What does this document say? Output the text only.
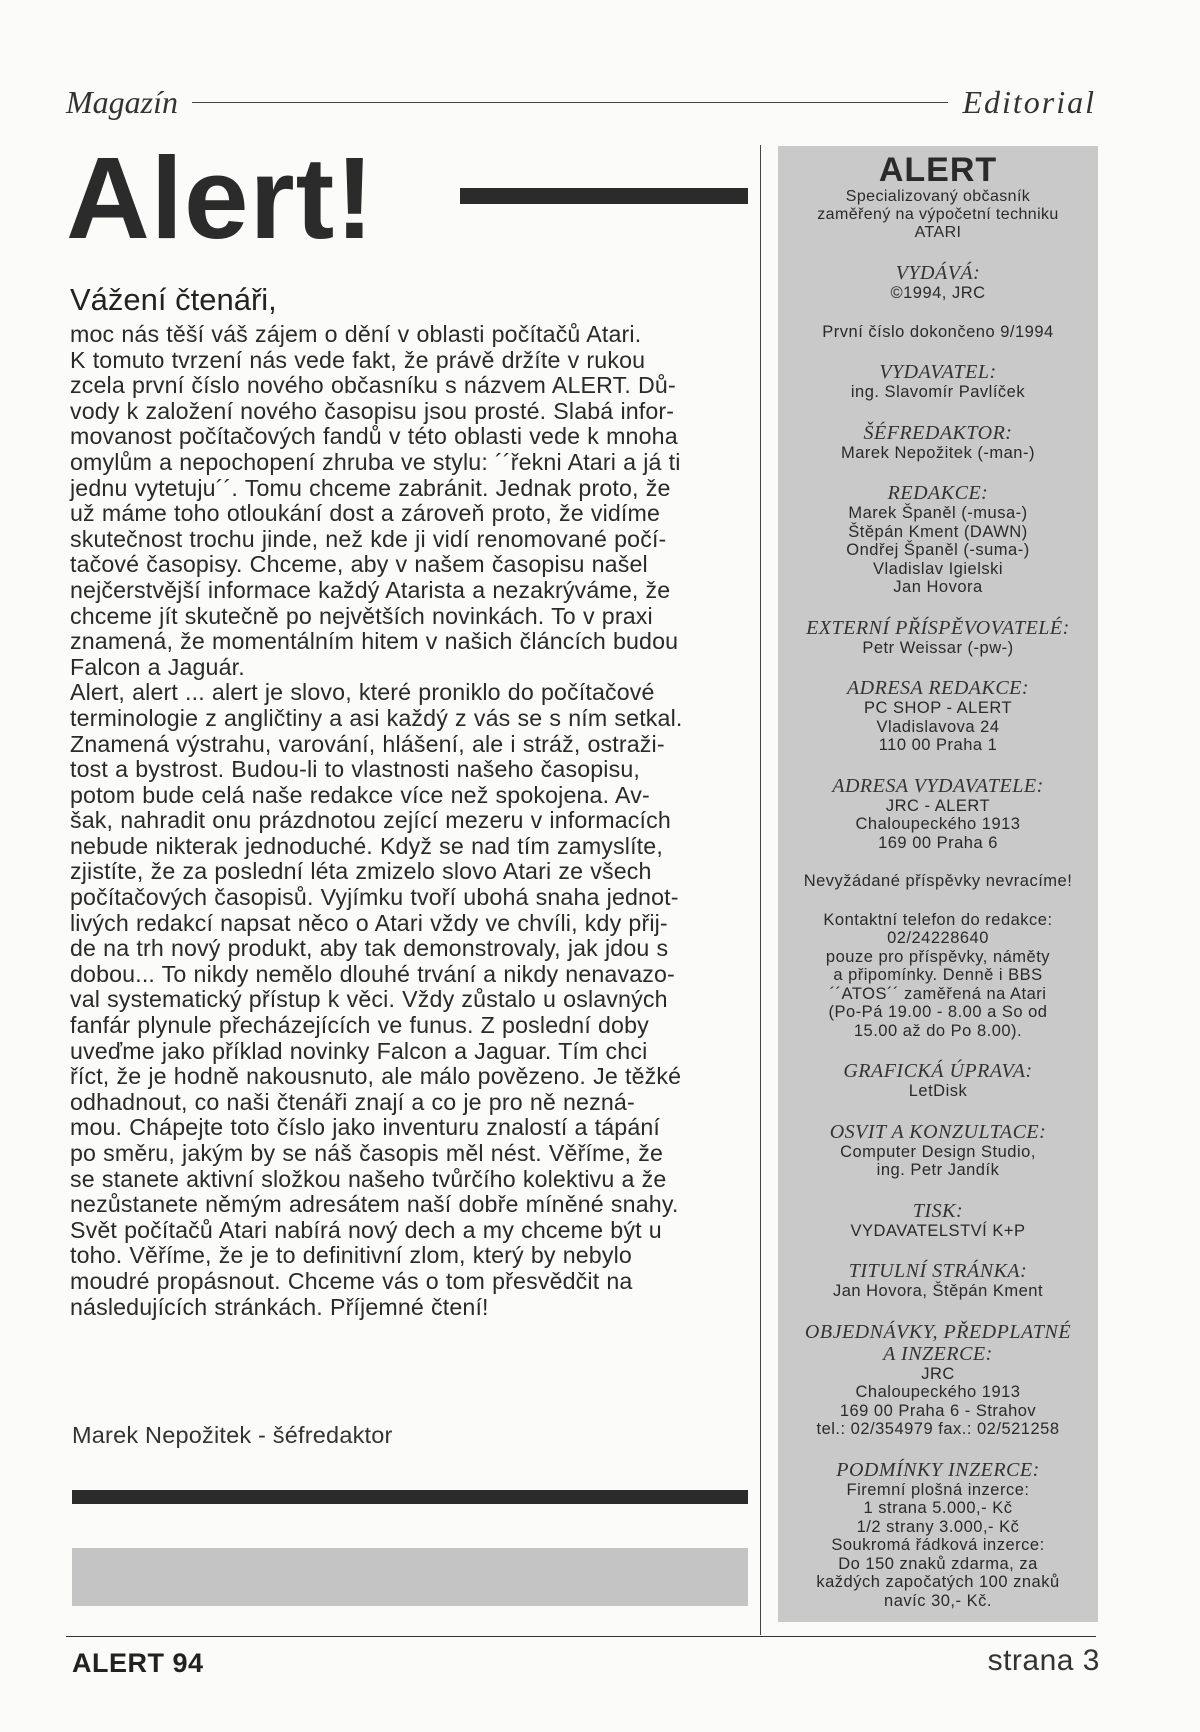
Magazín	Editorial
Alert!

Vážení čtenáři,

moc nás těší váš zájem o dění v oblasti počítačů Atari.
K tomuto tvrzení nás vede fakt, že právě držíte v rukou
zcela první číslo nového občasníku s názvem ALERT. Dů-
vody k založení nového časopisu jsou prosté. Slabá infor-
movanost počítačových fandů v této oblasti vede k mnoha
omylům a nepochopení zhruba ve stylu: ´´řekni Atari a já ti
jednu vytetuju´´. Tomu chceme zabránit. Jednak proto, že
už máme toho otloukání dost a zároveň proto, že vidíme
skutečnost trochu jinde, než kde ji vidí renomované počí-
tačové časopisy. Chceme, aby v našem časopisu našel
nejčerstvější informace každý Atarista a nezakrýváme, že
chceme jít skutečně po největších novinkách. To v praxi
znamená, že momentálním hitem v našich článcích budou
Falcon a Jaguár.
Alert, alert ... alert je slovo, které proniklo do počítačové
terminologie z angličtiny a asi každý z vás se s ním setkal.
Znamená výstrahu, varování, hlášení, ale i stráž, ostraži-
tost a bystrost. Budou-li to vlastnosti našeho časopisu,
potom bude celá naše redakce více než spokojena. Av-
šak, nahradit onu prázdnotou zející mezeru v informacích
nebude nikterak jednoduché. Když se nad tím zamyslíte,
zjistíte, že za poslední léta zmizelo slovo Atari ze všech
počítačových časopisů. Vyjímku tvoří ubohá snaha jednot-
livých redakcí napsat něco o Atari vždy ve chvíli, kdy přij-
de na trh nový produkt, aby tak demonstrovaly, jak jdou s
dobou... To nikdy nemělo dlouhé trvání a nikdy nenavazo-
val systematický přístup k věci. Vždy zůstalo u oslavných
fanfár plynule přecházejících ve funus. Z poslední doby
uveďme jako příklad novinky Falcon a Jaguar. Tím chci
říct, že je hodně nakousnuto, ale málo povězeno. Je těžké
odhadnout, co naši čtenáři znají a co je pro ně nezná-
mou. Chápejte toto číslo jako inventuru znalostí a tápání
po směru, jakým by se náš časopis měl nést. Věříme, že
se stanete aktivní složkou našeho tvůrčího kolektivu a že
nezůstanete němým adresátem naší dobře míněné snahy.
Svět počítačů Atari nabírá nový dech a my chceme být u
toho. Věříme, že je to definitivní zlom, který by nebylo
moudré propásnout. Chceme vás o tom přesvědčit na
následujících stránkách. Příjemné čtení!

Marek Nepožitek - šéfredaktor
ALERT
Specializovaný občasník
zaměřený na výpočetní techniku
ATARI
VYDÁVÁ:
©1994, JRC
První číslo dokončeno 9/1994
VYDAVATEL:
ing. Slavomír Pavlíček
ŠÉFREDAKTOR:
Marek Nepožitek (-man-)
REDAKCE:
Marek Španěl (-musa-)
Štěpán Kment (DAWN)
Ondřej Španěl (-suma-)
Vladislav Igielski
Jan Hovora
EXTERNÍ PŘÍSPĚVOVATELÉ:
Petr Weissar (-pw-)
ADRESA REDAKCE:
PC SHOP - ALERT
Vladislavova 24
110 00 Praha 1
ADRESA VYDAVATELE:
JRC - ALERT
Chaloupeckého 1913
169 00 Praha 6
Nevyžádané příspěvky nevracíme!
Kontaktní telefon do redakce:
02/24228640
pouze pro příspěvky, náměty
a připomínky. Denně i BBS
´´ATOS´´ zaměřená na Atari
(Po-Pá 19.00 - 8.00 a So od
15.00 až do Po 8.00).
GRAFICKÁ ÚPRAVA:
LetDisk
OSVIT A KONZULTACE:
Computer Design Studio,
ing. Petr Jandík
TISK:
VYDAVATELSTVÍ K+P
TITULNÍ STRÁNKA:
Jan Hovora, Štěpán Kment
OBJEDNÁVKY, PŘEDPLATNÉ
A INZERCE:
JRC
Chaloupeckého 1913
169 00 Praha 6 - Strahov
tel.: 02/354979 fax.: 02/521258
PODMÍNKY INZERCE:
Firemní plošná inzerce:
1 strana 5.000,- Kč
1/2 strany 3.000,- Kč
Soukromá řádková inzerce:
Do 150 znaků zdarma, za
každých započatých 100 znaků
navíc 30,- Kč.
ALERT 94	strana 3
